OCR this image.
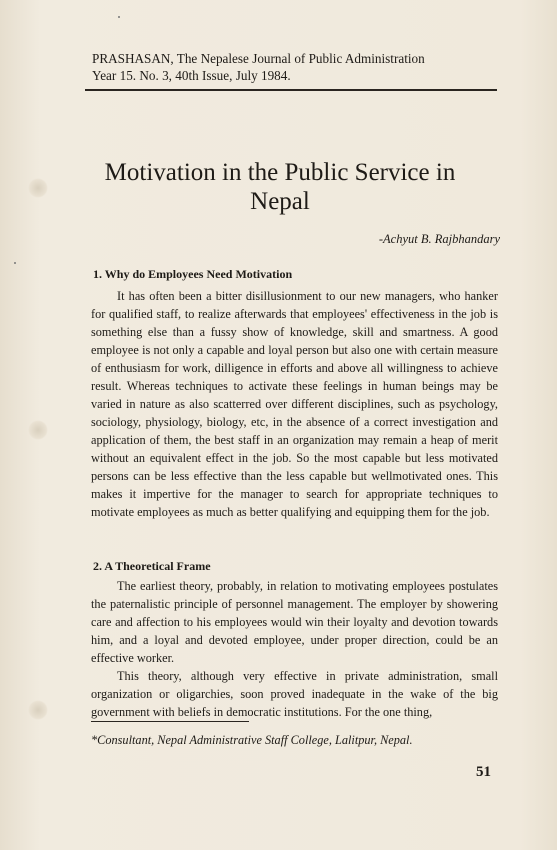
PRASHASAN, The Nepalese Journal of Public Administration
Year 15. No. 3, 40th Issue, July 1984.
Motivation in the Public Service in
Nepal
-Achyut B. Rajbhandary
1. Why do Employees Need Motivation

It has often been a bitter disillusionment to our new managers, who hanker for qualified staff, to realize afterwards that employees' effectiveness in the job is something else than a fussy show of knowledge, skill and smartness. A good employee is not only a capable and loyal person but also one with certain measure of enthusiasm for work, dilligence in efforts and above all willingness to achieve result. Whereas techniques to activate these feelings in human beings may be varied in nature as also scatterred over different disciplines, such as psychology, sociology, physiology, biology, etc, in the absence of a correct investigation and application of them, the best staff in an organization may remain a heap of merit without an equivalent effect in the job. So the most capable but less motivated persons can be less effective than the less capable but wellmotivated ones. This makes it impertive for the manager to search for appropriate techniques to motivate employees as much as better qualifying and equipping them for the job.

2. A Theoretical Frame

The earliest theory, probably, in relation to motivating employees postulates the paternalistic principle of personnel management. The employer by showering care and affection to his employees would win their loyalty and devotion towards him, and a loyal and devoted employee, under proper direction, could be an effective worker.

This theory, although very effective in private administration, small organization or oligarchies, soon proved inadequate in the wake of the big government with beliefs in democratic institutions. For the one thing,

*Consultant, Nepal Administrative Staff College, Lalitpur, Nepal.
51
